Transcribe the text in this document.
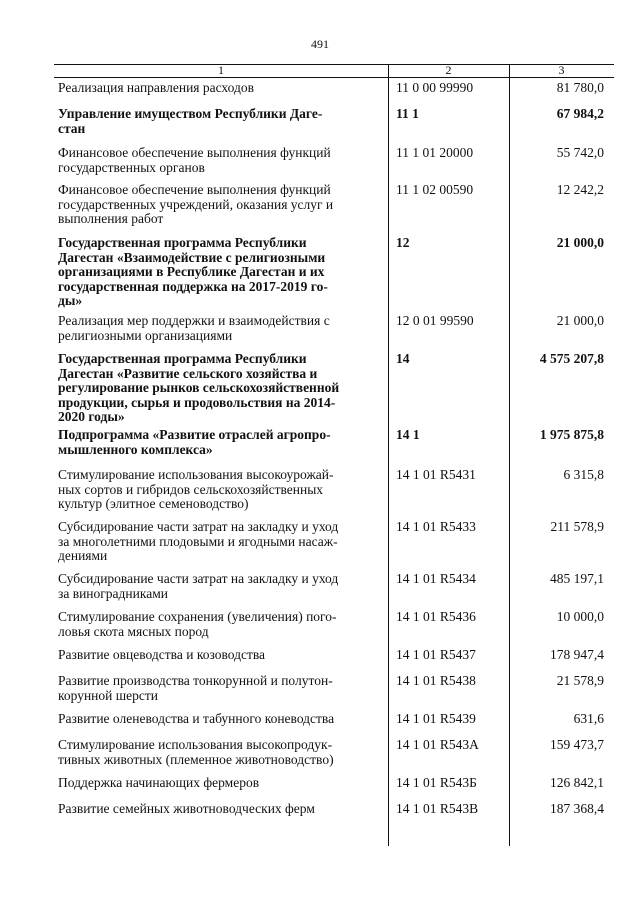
491
1	2	3
Реализация направления расходов	11 0 00 99990	81 780,0
Управление имуществом Республики Даге-
стан
11 1	67 984,2
Финансовое обеспечение выполнения функций
государственных органов
11 1 01 20000	55 742,0
Финансовое обеспечение выполнения функций
государственных учреждений, оказания услуг и
выполнения работ
11 1 02 00590	12 242,2
Государственная программа Республики
Дагестан «Взаимодействие с религиозными
организациями в Республике Дагестан и их
государственная поддержка на 2017-2019 го-
ды»
12	21 000,0
Реализация мер поддержки и взаимодействия с
религиозными организациями
12 0 01 99590	21 000,0
Государственная программа Республики
Дагестан «Развитие сельского хозяйства и
регулирование рынков сельскохозяйственной
продукции, сырья и продовольствия на 2014-
2020 годы»
14	4 575 207,8
Подпрограмма «Развитие отраслей агропро-
мышленного комплекса»
14 1	1 975 875,8
Стимулирование использования высокоурожай-
ных сортов и гибридов сельскохозяйственных
культур (элитное семеноводство)
14 1 01 R5431	6 315,8
Субсидирование части затрат на закладку и уход
за многолетними плодовыми и ягодными насаж-
дениями
14 1 01 R5433	211 578,9
Субсидирование части затрат на закладку и уход
за виноградниками
14 1 01 R5434	485 197,1
Стимулирование сохранения (увеличения) пого-
ловья скота мясных пород
14 1 01 R5436	10 000,0
Развитие овцеводства и козоводства	14 1 01 R5437	178 947,4
Развитие производства тонкорунной и полутон-
корунной шерсти
14 1 01 R5438	21 578,9
Развитие оленеводства и табунного коневодства	14 1 01 R5439	631,6
Стимулирование использования высокопродук-
тивных животных (племенное животноводство)
14 1 01 R543A	159 473,7
Поддержка начинающих фермеров	14 1 01 R543Б	126 842,1
Развитие семейных животноводческих ферм	14 1 01 R543В	187 368,4
